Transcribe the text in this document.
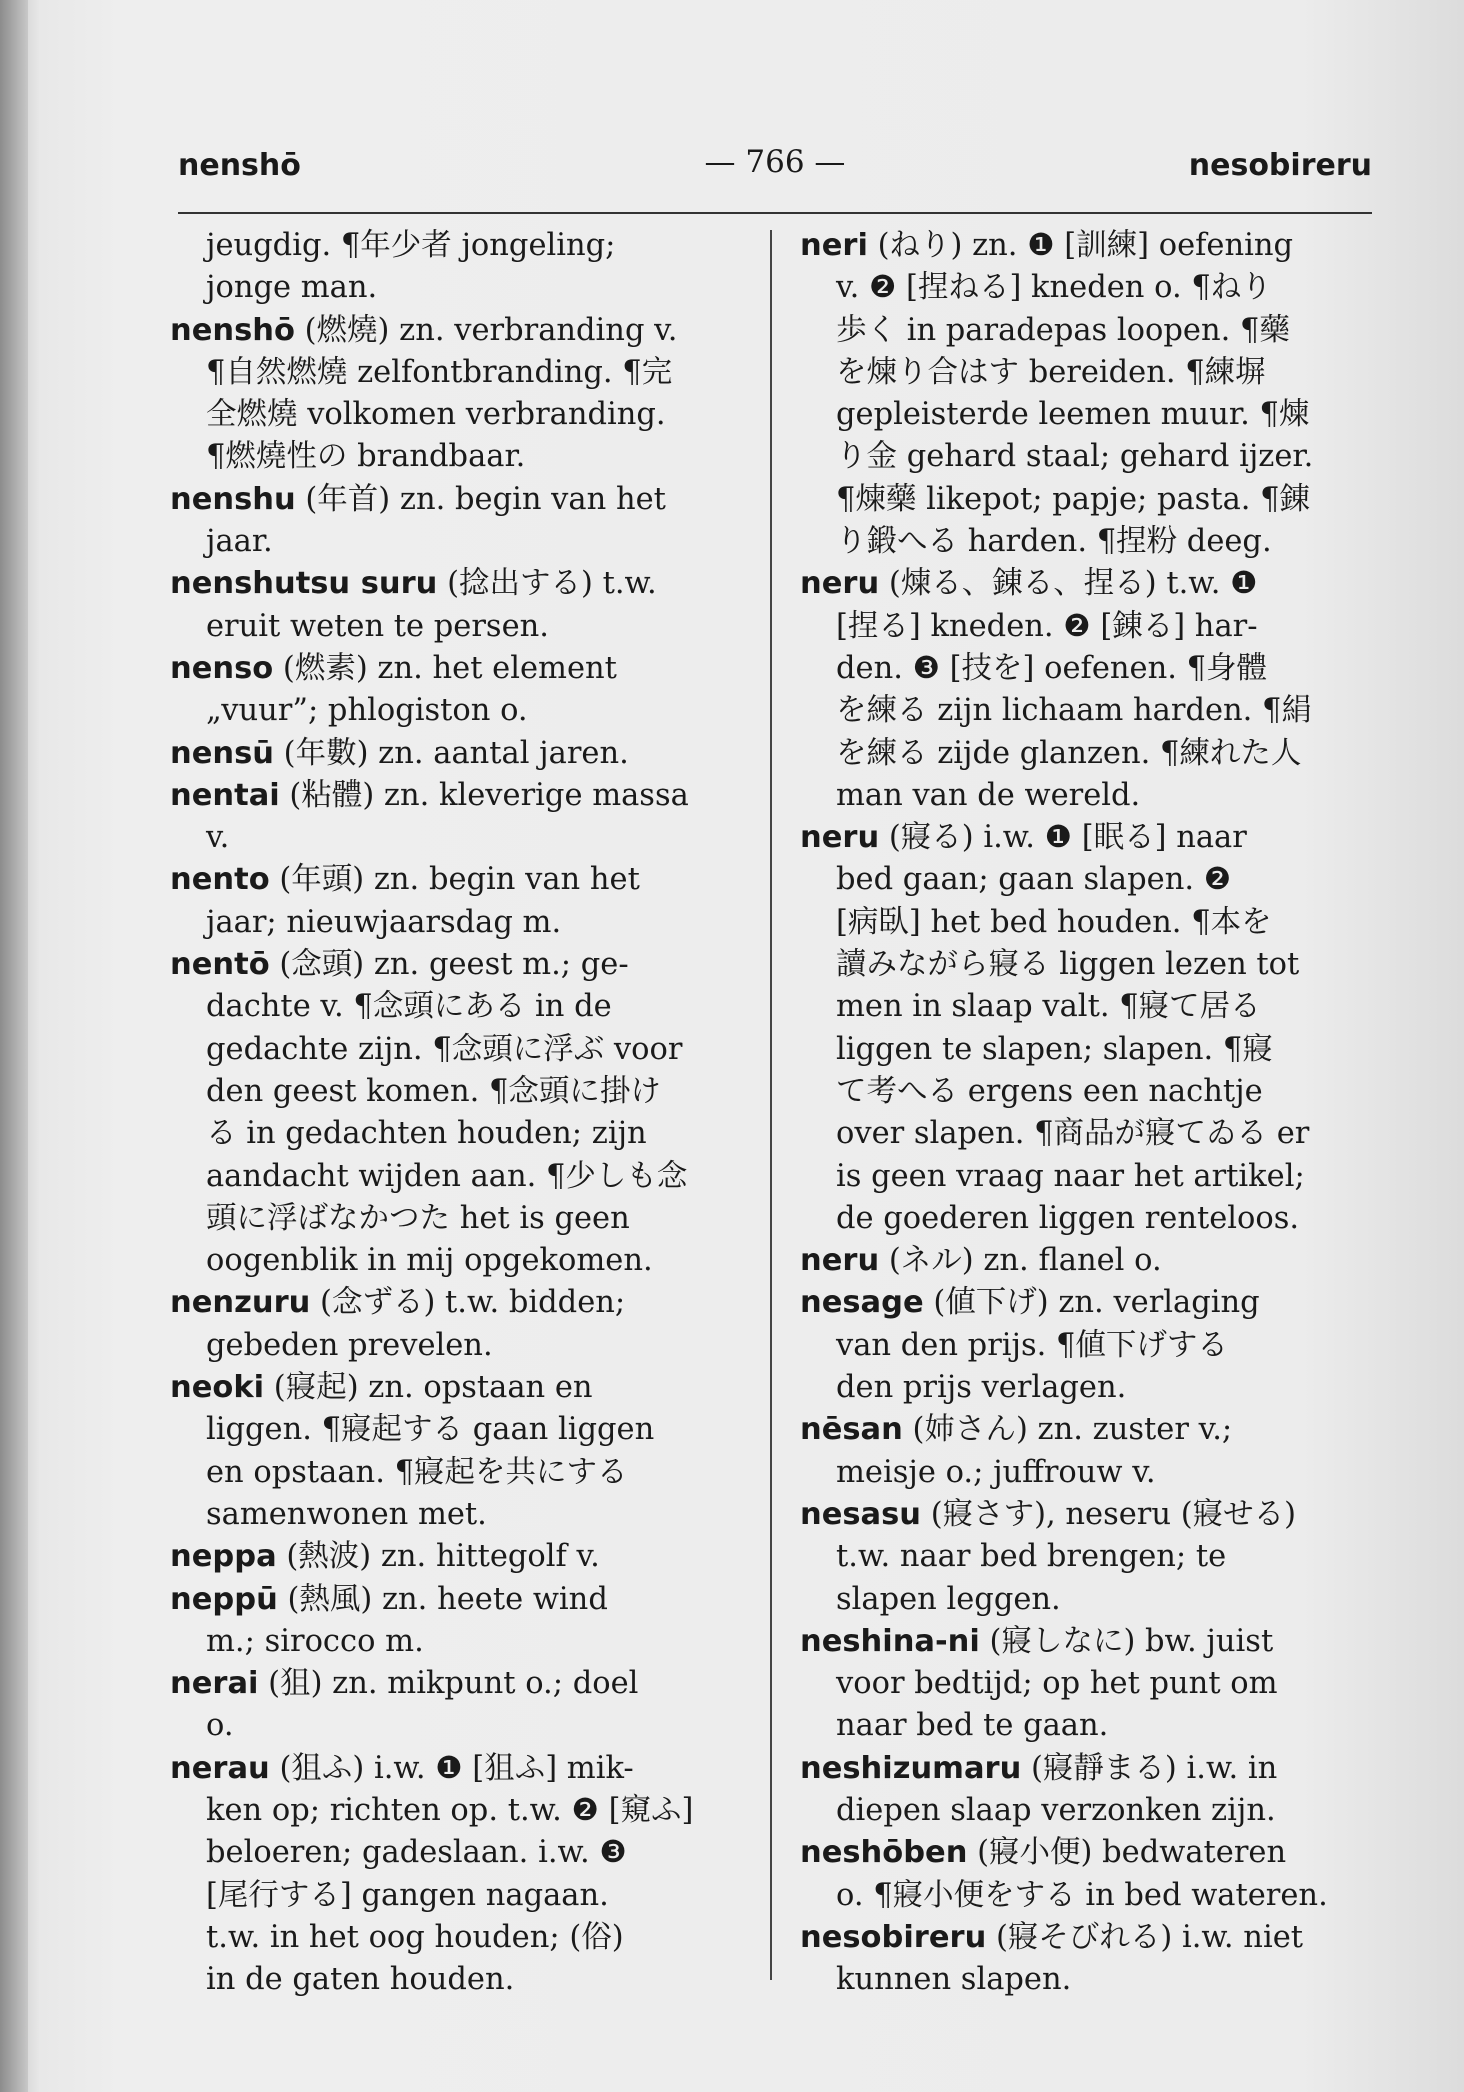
nenshō	— 766 —	nesobireru
jeugdig. ¶年少者 jongeling;
jonge man.
nenshō (燃燒) zn. verbranding v.
¶自然燃燒 zelfontbranding. ¶完
全燃燒 volkomen verbranding.
¶燃燒性の brandbaar.
nenshu (年首) zn. begin van het
jaar.
nenshutsu suru (捻出する) t.w.
eruit weten te persen.
nenso (燃素) zn. het element
„vuur”; phlogiston o.
nensū (年數) zn. aantal jaren.
nentai (粘體) zn. kleverige massa
v.
nento (年頭) zn. begin van het
jaar; nieuwjaarsdag m.
nentō (念頭) zn. geest m.; ge-
dachte v. ¶念頭にある in de
gedachte zijn. ¶念頭に浮ぶ voor
den geest komen. ¶念頭に掛け
る in gedachten houden; zijn
aandacht wijden aan. ¶少しも念
頭に浮ばなかつた het is geen
oogenblik in mij opgekomen.
nenzuru (念ずる) t.w. bidden;
gebeden prevelen.
neoki (寢起) zn. opstaan en
liggen. ¶寢起する gaan liggen
en opstaan. ¶寢起を共にする
samenwonen met.
neppa (熱波) zn. hittegolf v.
neppū (熱風) zn. heete wind
m.; sirocco m.
nerai (狙) zn. mikpunt o.; doel
o.
nerau (狙ふ) i.w. ❶ [狙ふ] mik-
ken op; richten op. t.w. ❷ [窺ふ]
beloeren; gadeslaan. i.w. ❸
[尾行する] gangen nagaan.
t.w. in het oog houden; (俗)
in de gaten houden.
neri (ねり) zn. ❶ [訓練] oefening
v. ❷ [捏ねる] kneden o. ¶ねり
歩く in paradepas loopen. ¶藥
を煉り合はす bereiden. ¶練塀
gepleisterde leemen muur. ¶煉
り金 gehard staal; gehard ijzer.
¶煉藥 likepot; papje; pasta. ¶錬
り鍛へる harden. ¶捏粉 deeg.
neru (煉る、錬る、捏る) t.w. ❶
[捏る] kneden. ❷ [錬る] har-
den. ❸ [技を] oefenen. ¶身體
を練る zijn lichaam harden. ¶絹
を練る zijde glanzen. ¶練れた人
man van de wereld.
neru (寢る) i.w. ❶ [眠る] naar
bed gaan; gaan slapen. ❷
[病臥] het bed houden. ¶本を
讀みながら寢る liggen lezen tot
men in slaap valt. ¶寢て居る
liggen te slapen; slapen. ¶寢
て考へる ergens een nachtje
over slapen. ¶商品が寢てゐる er
is geen vraag naar het artikel;
de goederen liggen renteloos.
neru (ネル) zn. flanel o.
nesage (値下げ) zn. verlaging
van den prijs. ¶値下げする
den prijs verlagen.
nēsan (姉さん) zn. zuster v.;
meisje o.; juffrouw v.
nesasu (寢さす), neseru (寢せる)
t.w. naar bed brengen; te
slapen leggen.
neshina-ni (寢しなに) bw. juist
voor bedtijd; op het punt om
naar bed te gaan.
neshizumaru (寢靜まる) i.w. in
diepen slaap verzonken zijn.
neshōben (寢小便) bedwateren
o. ¶寢小便をする in bed wateren.
nesobireru (寢そびれる) i.w. niet
kunnen slapen.
